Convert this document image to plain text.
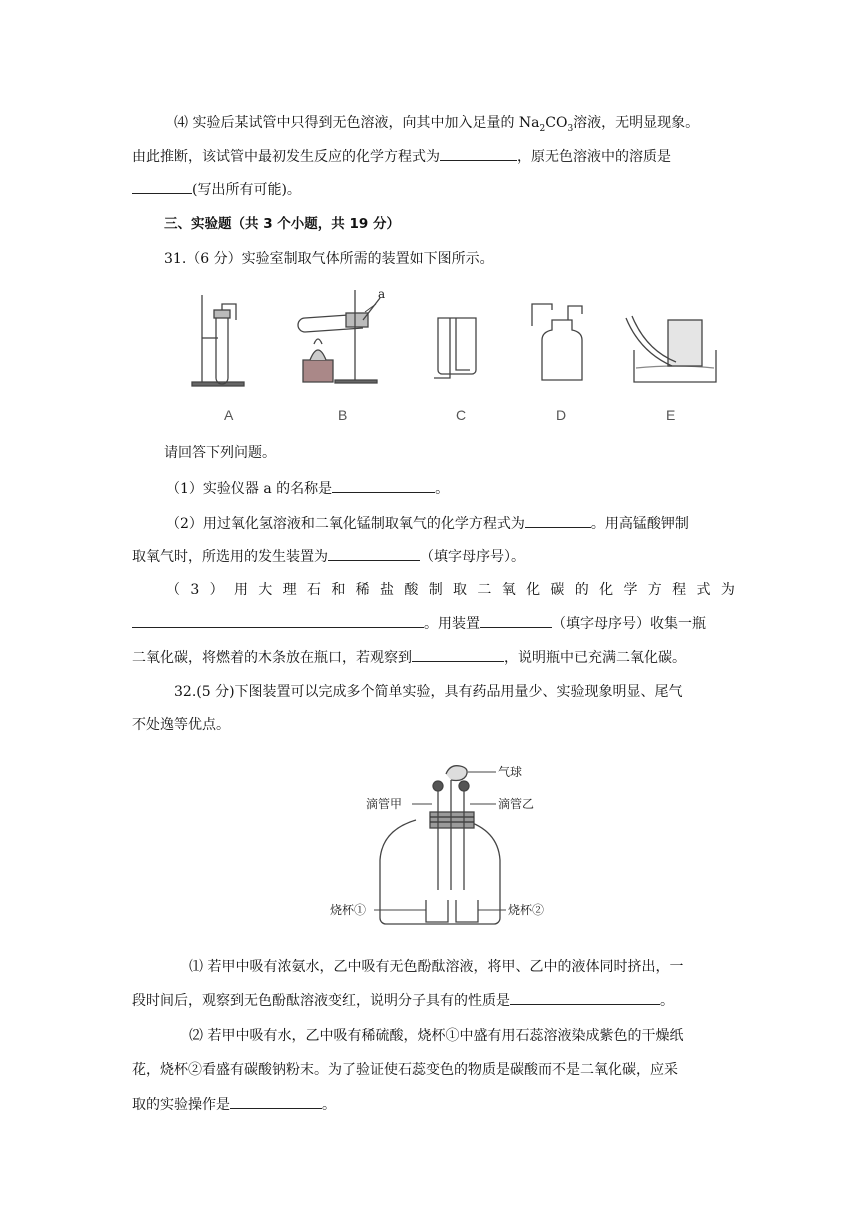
⑷ 实验后某试管中只得到无色溶液，向其中加入足量的 $Na_2CO_3$溶液，无明显现象。
由此推断，该试管中最初发生反应的化学方程式为	，原无色溶液中的溶质是
(写出所有可能)。
三、实验题（共 3 个小题，共 19 分）
31.（6 分）实验室制取气体所需的装置如下图所示。
a
A	B	C	D	E
请回答下列问题。
（1）实验仪器 a 的名称是	。
（2）用过氧化氢溶液和二氧化锰制取氧气的化学方程式为	。用高锰酸钾制
取氧气时，所选用的发生装置为	（填字母序号）。
（ 3 ） 用 大 理 石 和 稀 盐 酸 制 取 二 氧 化 碳 的 化 学 方 程 式 为
。用装置	（填字母序号）收集一瓶
二氧化碳，将燃着的木条放在瓶口，若观察到	，说明瓶中已充满二氧化碳。
32.(5 分)下图装置可以完成多个简单实验，具有药品用量少、实验现象明显、尾气
不处逸等优点。
气球
滴管甲	滴管乙
烧杯①	烧杯②
⑴ 若甲中吸有浓氨水，乙中吸有无色酚酞溶液，将甲、乙中的液体同时挤出，一
段时间后，观察到无色酚酞溶液变红，说明分子具有的性质是	。
⑵ 若甲中吸有水，乙中吸有稀硫酸，烧杯①中盛有用石蕊溶液染成紫色的干燥纸
花，烧杯②看盛有碳酸钠粉末。为了验证使石蕊变色的物质是碳酸而不是二氧化碳，应采
取的实验操作是	。
